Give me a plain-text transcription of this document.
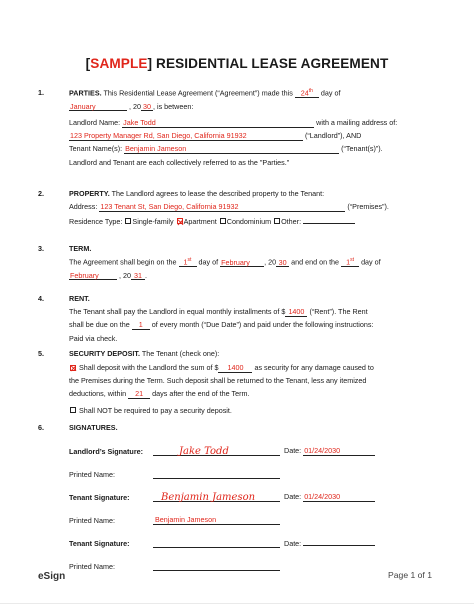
[SAMPLE] RESIDENTIAL LEASE AGREEMENT
1.	PARTIES. This Residential Lease Agreement (“Agreement”) made this 24th day of
January	, 20 30 , is between:
Landlord Name: Jake Todd	with a mailing address of:
123 Property Manager Rd, San Diego, California 91932	(“Landlord”), AND
Tenant Name(s): Benjamin Jameson	(“Tenant(s)”).
Landlord and Tenant are each collectively referred to as the "Parties."
2.	PROPERTY. The Landlord agrees to lease the described property to the Tenant:
Address: 123 Tenant St, San Diego, California 91932	(“Premises”).
Residence Type: Single-family Apartment Condominium Other:
3.	TERM.
The Agreement shall begin on the 1st day of February , 20 30 and end on the 1st day of
February	, 20 31 .
4.	RENT.
The Tenant shall pay the Landlord in equal monthly installments of $ 1400 (“Rent”). The Rent
shall be due on the 1 of every month (“Due Date”) and paid under the following instructions:
Paid via check.
5.	SECURITY DEPOSIT. The Tenant (check one):
Shall deposit with the Landlord the sum of $ 1400 as security for any damage caused to
the Premises during the Term. Such deposit shall be returned to the Tenant, less any itemized
deductions, within 21 days after the end of the Term.
Shall NOT be required to pay a security deposit.
6.	SIGNATURES.
Landlord’s Signature:	Jake Todd	Date: 01/24/2030
Printed Name:
Tenant Signature:	Benjamin Jameson	Date: 01/24/2030
Printed Name:	Benjamin Jameson
Tenant Signature:	Date:
Printed Name:
eSign	Page 1 of 1
